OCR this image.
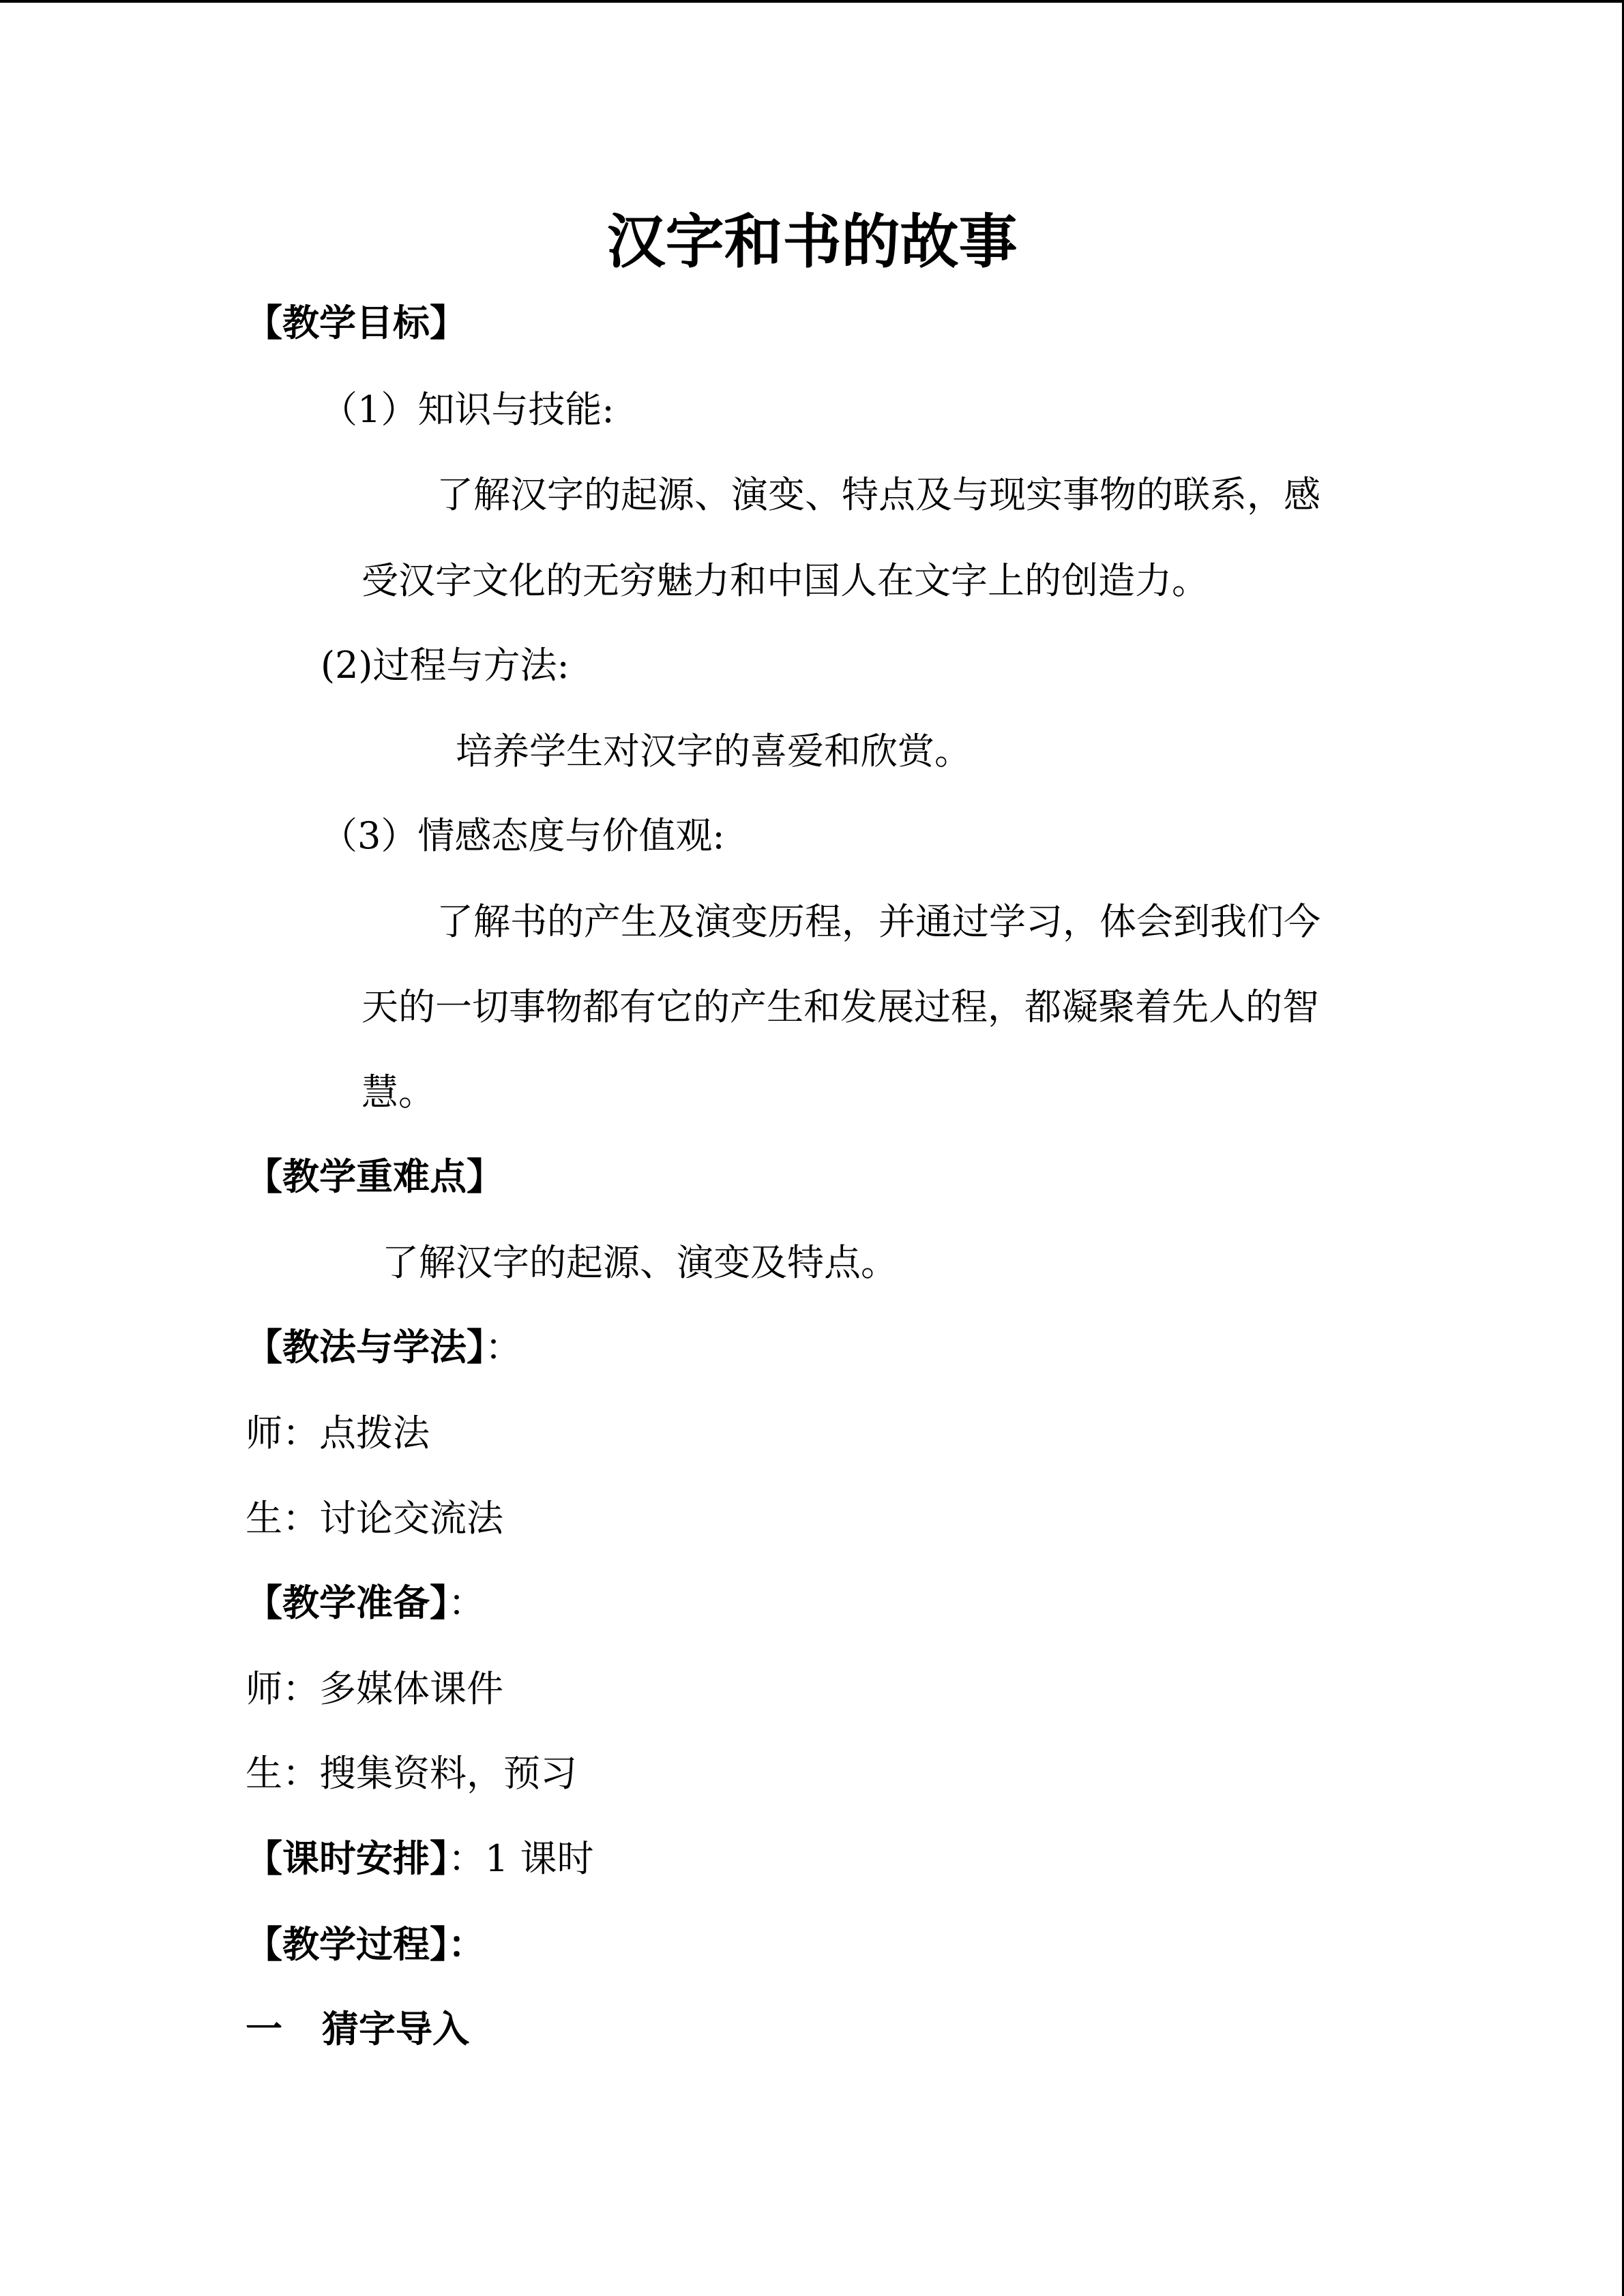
汉字和书的故事
【教学目标】
（1）知识与技能:
了解汉字的起源、演变、特点及与现实事物的联系，感
受汉字文化的无穷魅力和中国人在文字上的创造力。
(2)过程与方法:
培养学生对汉字的喜爱和欣赏。
（3）情感态度与价值观:
了解书的产生及演变历程，并通过学习，体会到我们今
天的一切事物都有它的产生和发展过程，都凝聚着先人的智
慧。
【教学重难点】
了解汉字的起源、演变及特点。
【教法与学法】：
师：点拨法
生：讨论交流法
【教学准备】：
师：多媒体课件
生：搜集资料，预习
【课时安排】：1 课时
【教学过程】：
一 猜字导入
